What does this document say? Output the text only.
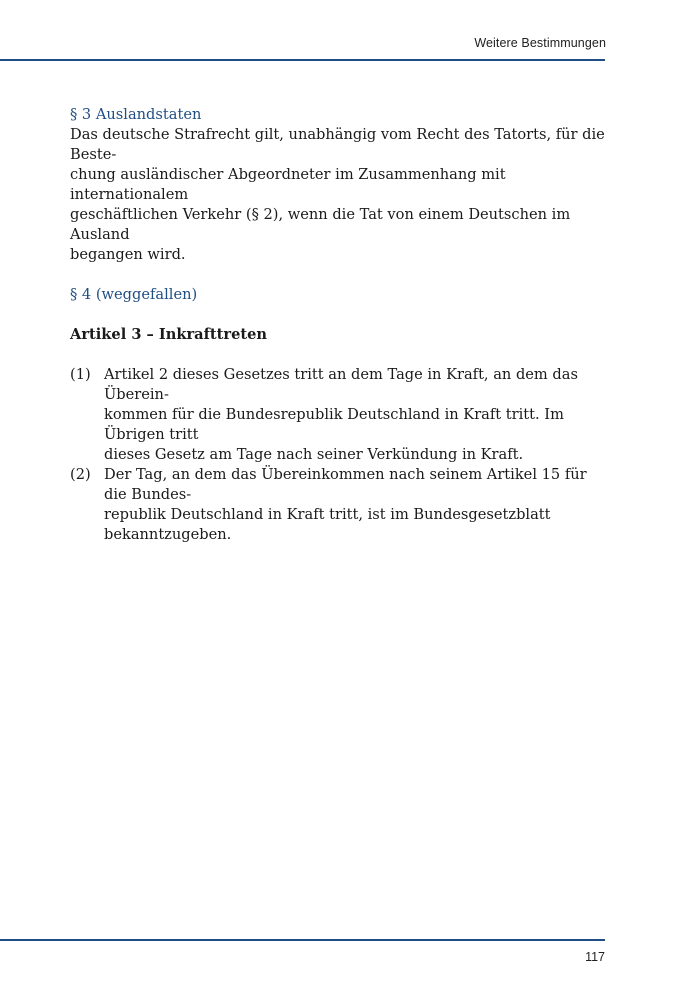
Weitere Bestimmungen

§ 3 Auslandstaten

Das deutsche Strafrecht gilt, unabhängig vom Recht des Tatorts, für die Beste-
chung ausländischer Abgeordneter im Zusammenhang mit internationalem
geschäftlichen Verkehr (§ 2), wenn die Tat von einem Deutschen im Ausland
begangen wird.

§ 4 (weggefallen)

Artikel 3 – Inkrafttreten

(1) Artikel 2 dieses Gesetzes tritt an dem Tage in Kraft, an dem das Überein-
kommen für die Bundesrepublik Deutschland in Kraft tritt. Im Übrigen tritt
dieses Gesetz am Tage nach seiner Verkündung in Kraft.
(2) Der Tag, an dem das Übereinkommen nach seinem Artikel 15 für die Bundes-
republik Deutschland in Kraft tritt, ist im Bundesgesetzblatt bekanntzugeben.
117
